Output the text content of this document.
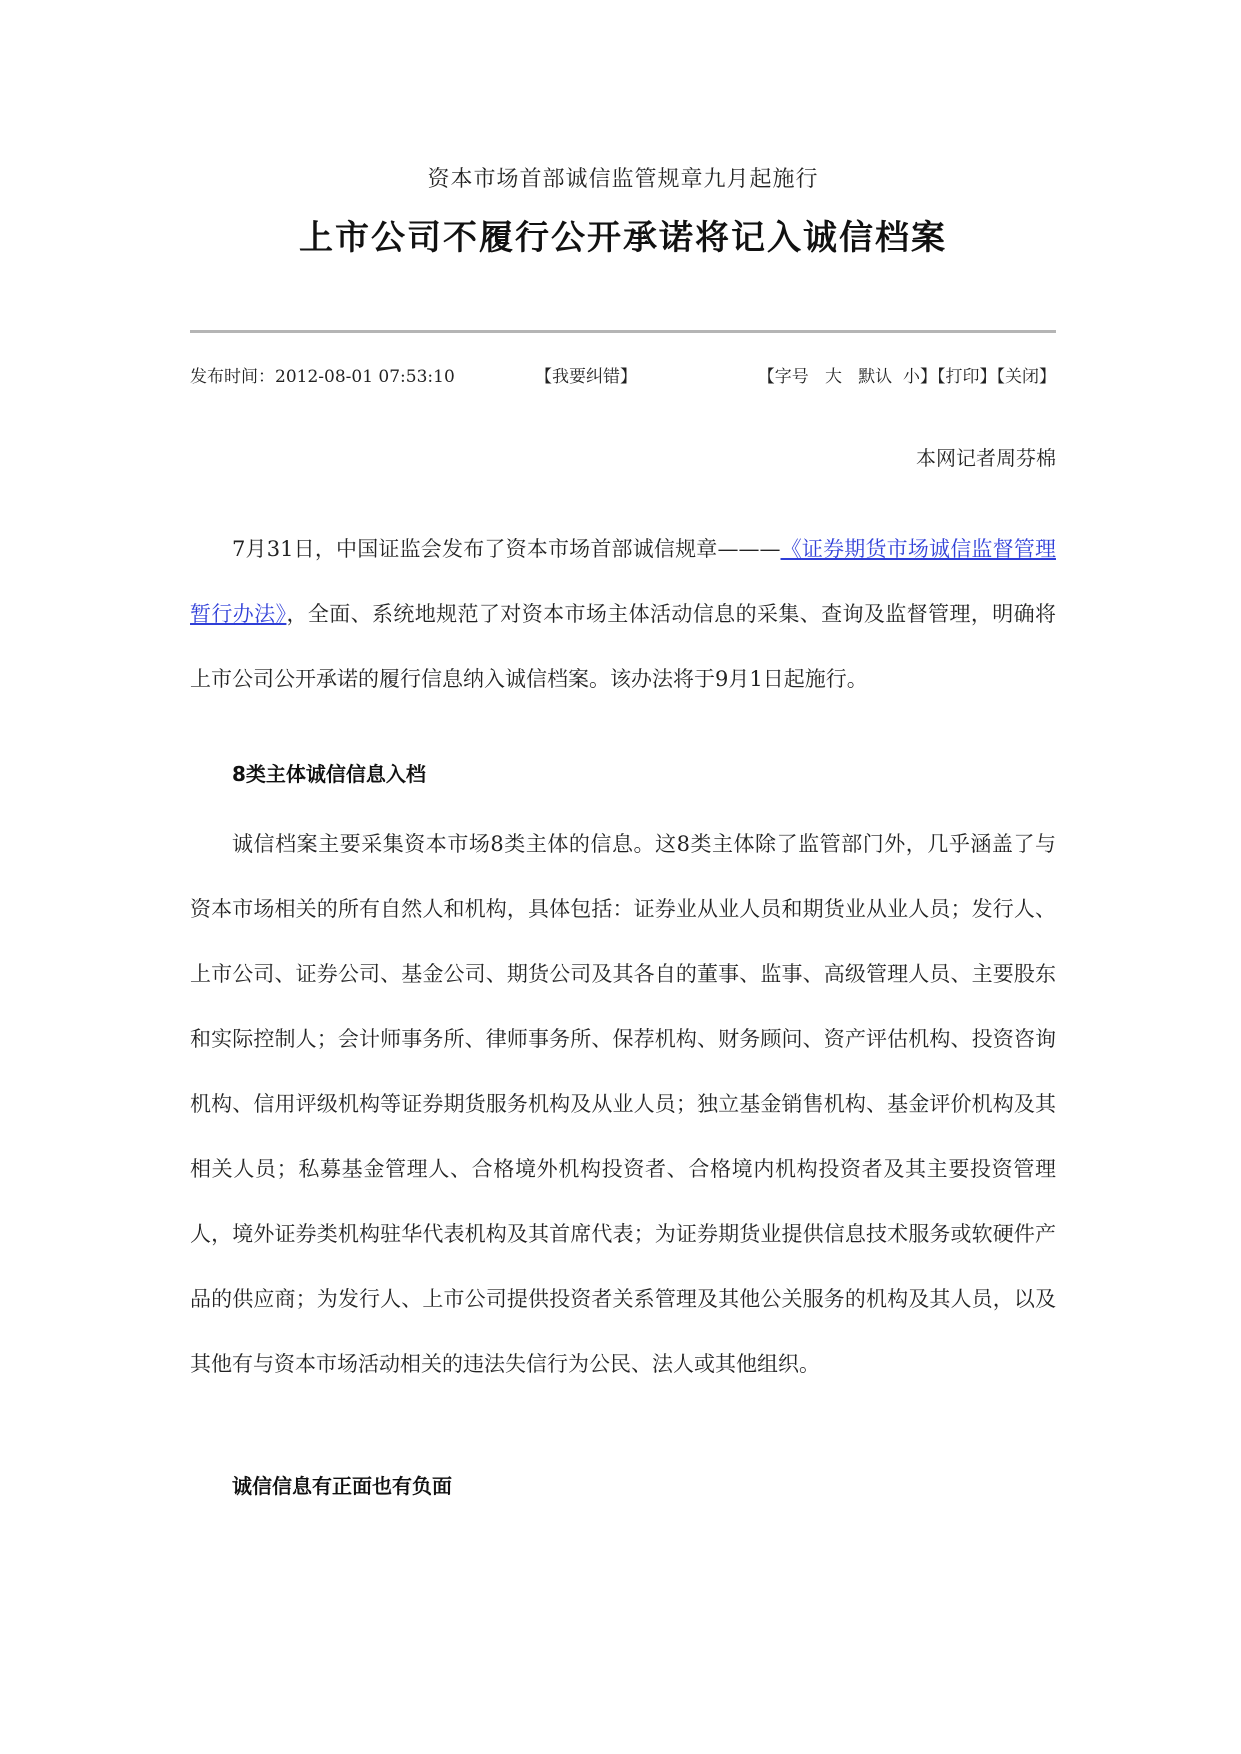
资本市场首部诚信监管规章九月起施行
上市公司不履行公开承诺将记入诚信档案
发布时间：2012-08-01 07:53:10	【我要纠错】	【字号 大 默认 小】【打印】【关闭】
本网记者周芬棉

7月31日，中国证监会发布了资本市场首部诚信规章———《证券期货市场诚信监督管理暂行办法》，全面、系统地规范了对资本市场主体活动信息的采集、查询及监督管理，明确将上市公司公开承诺的履行信息纳入诚信档案。该办法将于9月1日起施行。

8类主体诚信信息入档

诚信档案主要采集资本市场8类主体的信息。这8类主体除了监管部门外，几乎涵盖了与资本市场相关的所有自然人和机构，具体包括：证券业从业人员和期货业从业人员；发行人、上市公司、证券公司、基金公司、期货公司及其各自的董事、监事、高级管理人员、主要股东和实际控制人；会计师事务所、律师事务所、保荐机构、财务顾问、资产评估机构、投资咨询机构、信用评级机构等证券期货服务机构及从业人员；独立基金销售机构、基金评价机构及其相关人员；私募基金管理人、合格境外机构投资者、合格境内机构投资者及其主要投资管理人，境外证券类机构驻华代表机构及其首席代表；为证券期货业提供信息技术服务或软硬件产品的供应商；为发行人、上市公司提供投资者关系管理及其他公关服务的机构及其人员，以及其他有与资本市场活动相关的违法失信行为公民、法人或其他组织。

诚信信息有正面也有负面
